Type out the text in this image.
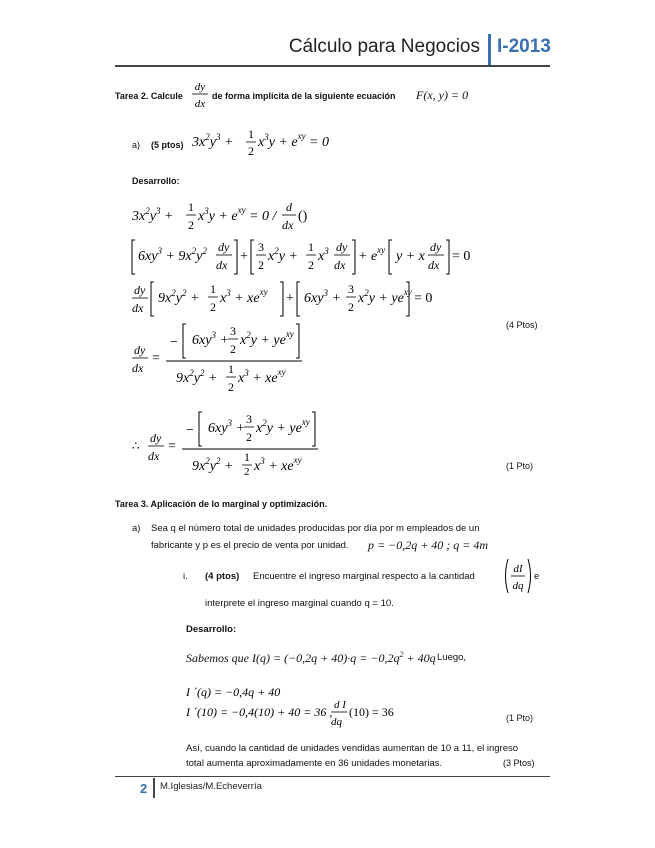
Cálculo para Negocios I-2013
Tarea 2. Calcule
dy
dx
de forma implícita de la siguiente ecuación F(x, y) = 0
a) (5 ptos) $3x^2y^3$ +
1
2
$x^3y + e^{xy} = 0$
Desarrollo:
$3x^2y^3$ +
1
2
$x^3y + e^{xy} = 0$ /
d
dx
()
$6xy^3 + 9x^2y^2$ dy
dx
+
3
2
$x^2y$ +
1
2
$x^3$ dy
dx
+ $e^{xy}$ y + x
dy
dx
= 0
dy
dx
$9x^2y^2$ +
1
2
$x^3 + xe^{xy} + 6xy^3$ +
3
2
$x^2y + ye^{xy} = 0$
dy
dx
=
− $6xy^3$ +
3
2
$x^2y + ye^{xy}$
$9x^2y^2$ +
1
2
$x^3 + xe^{xy}$
∴
dy
dx
=
− $6xy^3$ +
3
2
$x^2y + ye^{xy}$
$9x^2y^2$ +
1
2 $x^3 + xe^{xy}$
(4 Ptos)
(1 Pto)
Tarea 3. Aplicación de lo marginal y optimización.
a) Sea q el número total de unidades producidas por día por m empleados de un
fabricante y p es el precio de venta por unidad. p = −0,2q + 40 ; q = 4m
i. (4 ptos) Encuentre el ingreso marginal respecto a la cantidad
dI
dq
e
interprete el ingreso marginal cuando q = 10.
Desarrollo:
Sabemos que $I(q) = (-0,2q + 40)\cdot q = -0,2q^2 + 40q$ Luego,
I ´(q) = −0,4q + 40
I ´(10) = −0,4(10) + 40 = 36 , d I
dq
(10) = 36	(1 Pto)
Así, cuando la cantidad de unidades vendidas aumentan de 10 a 11, el ingreso
total aumenta aproximadamente en 36 unidades monetarias.	(3 Ptos)
2 M.Iglesias/M.Echeverría
